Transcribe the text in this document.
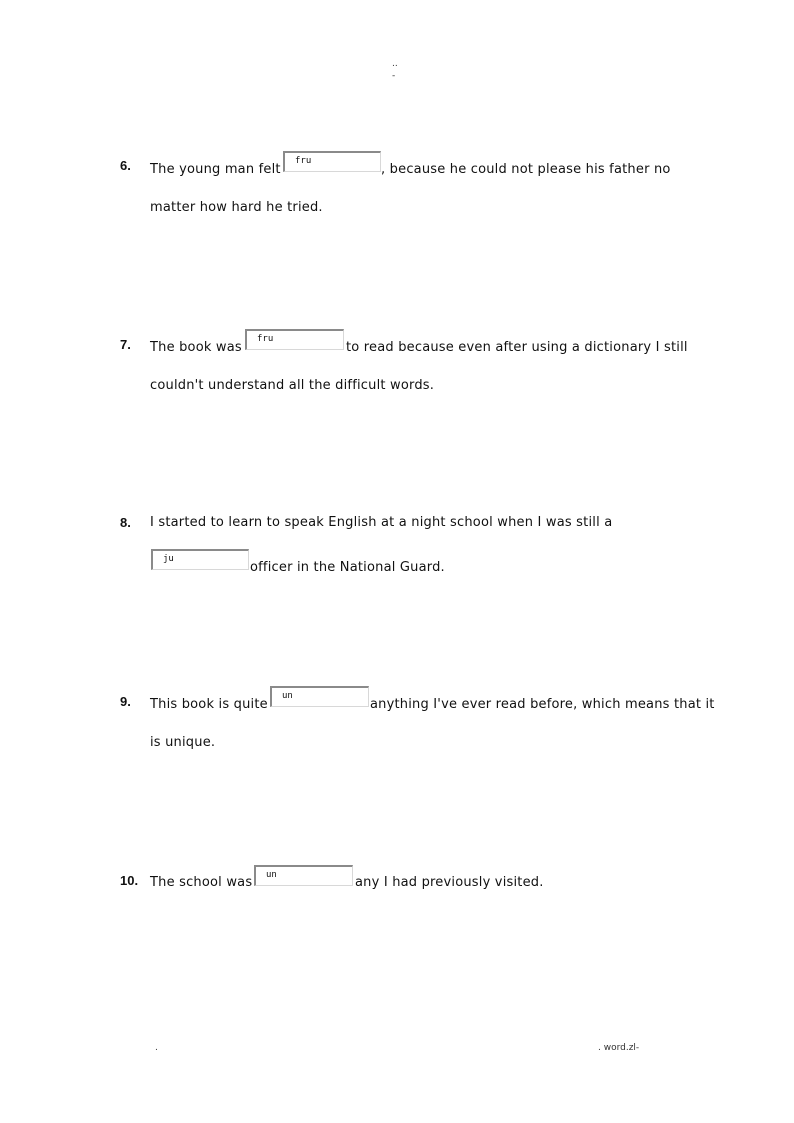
..
-
6. The young man felt
fru
, because he could not please his father no
matter how hard he tried.
7. The book was
fru
to read because even after using a dictionary I still
couldn't understand all the difficult words.
8. I started to learn to speak English at a night school when I was still a
ju
officer in the National Guard.
9. This book is quite
un
anything I've ever read before, which means that it
is unique.
10. The school was	un	any I had previously visited.
.	. word.zl-
